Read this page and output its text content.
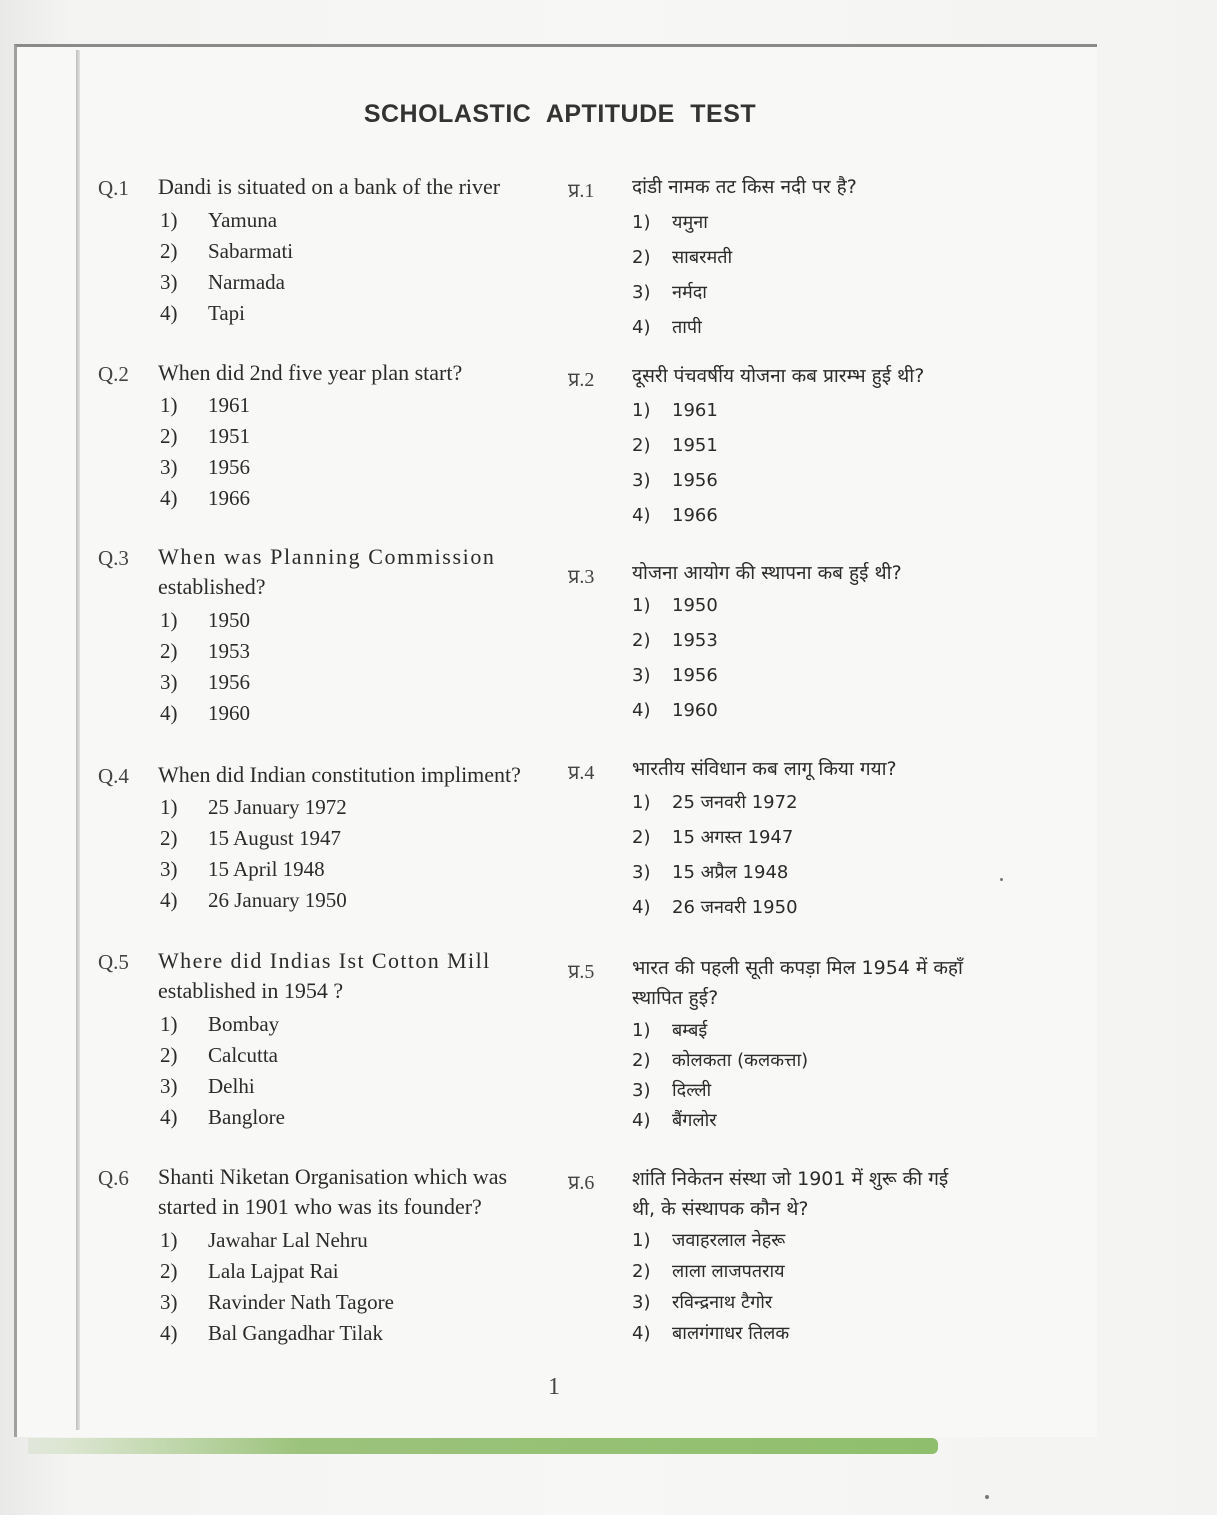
SCHOLASTIC APTITUDE TEST
Q.1 Dandi is situated on a bank of the river
1) Yamuna
2) Sabarmati
3) Narmada
4) Tapi
Q.2 When did 2nd five year plan start?
1) 1961
2) 1951
3) 1956
4) 1966
Q.3 When was Planning Commission
established?
1) 1950
2) 1953
3) 1956
4) 1960
Q.4 When did Indian constitution impliment?
1) 25 January 1972
2) 15 August 1947
3) 15 April 1948
4) 26 January 1950
Q.5 Where did Indias Ist Cotton Mill
established in 1954 ?
1) Bombay
2) Calcutta
3) Delhi
4) Banglore
Q.6 Shanti Niketan Organisation which was
started in 1901 who was its founder?
1) Jawahar Lal Nehru
2) Lala Lajpat Rai
3) Ravinder Nath Tagore
4) Bal Gangadhar Tilak
प्र.1 दांडी नामक तट किस नदी पर है?
1) यमुना
2) साबरमती
3) नर्मदा
4) तापी
प्र.2 दूसरी पंचवर्षीय योजना कब प्रारम्भ हुई थी?
1) 1961
2) 1951
3) 1956
4) 1966
प्र.3 योजना आयोग की स्थापना कब हुई थी?
1) 1950
2) 1953
3) 1956
4) 1960
प्र.4 भारतीय संविधान कब लागू किया गया?
1) 25 जनवरी 1972
2) 15 अगस्त 1947
3) 15 अप्रैल 1948
4) 26 जनवरी 1950
प्र.5 भारत की पहली सूती कपड़ा मिल 1954 में कहाँ
स्थापित हुई?
1) बम्बई
2) कोलकता (कलकत्ता)
3) दिल्ली
4) बैंगलोर
प्र.6 शांति निकेतन संस्था जो 1901 में शुरू की गई
थी, के संस्थापक कौन थे?
1) जवाहरलाल नेहरू
2) लाला लाजपतराय
3) रविन्द्रनाथ टैगोर
4) बालगंगाधर तिलक
1
